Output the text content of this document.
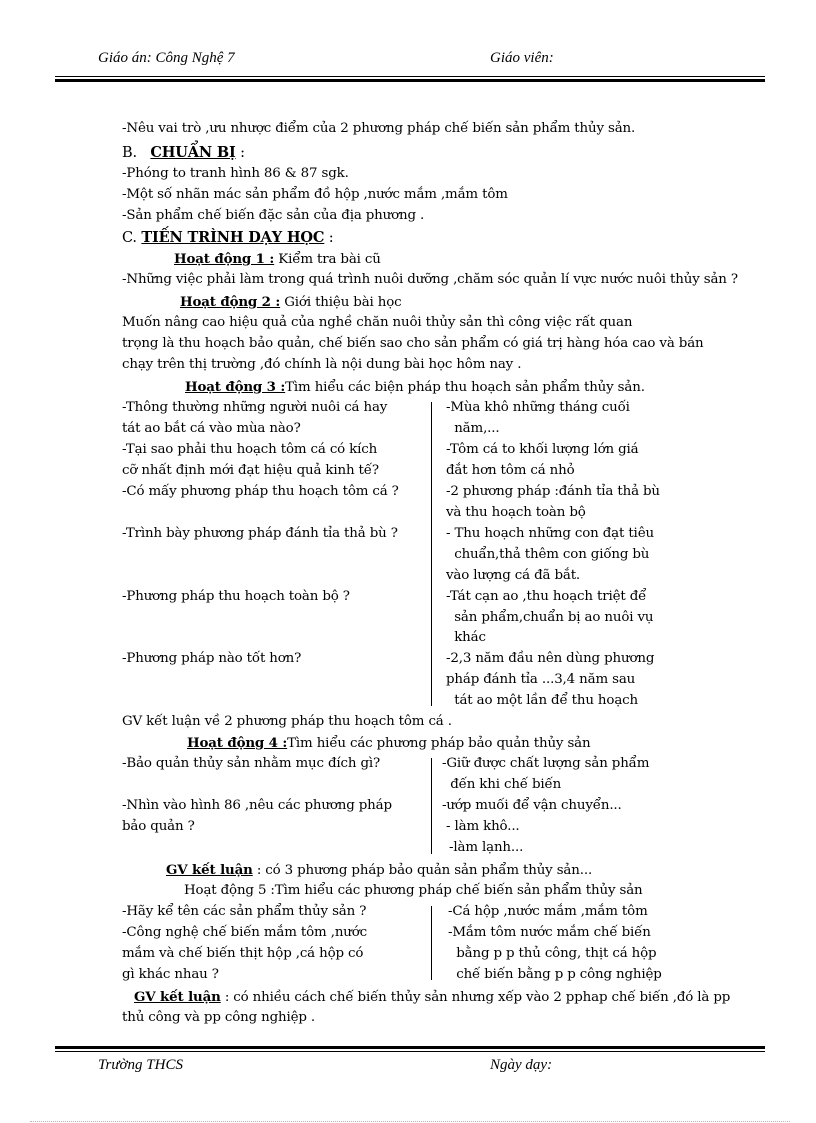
Giáo án: Công Nghệ 7	Giáo viên:
-Nêu vai trò ,ưu nhược điểm của 2 phương pháp chế biến sản phẩm thủy sản.
B. CHUẨN BỊ :
-Phóng to tranh hình 86 & 87 sgk.
-Một số nhãn mác sản phẩm đồ hộp ,nước mắm ,mắm tôm
-Sản phẩm chế biến đặc sản của địa phương .
C. TIẾN TRÌNH DẠY HỌC :
Hoạt động 1 : Kiểm tra bài cũ
-Những việc phải làm trong quá trình nuôi dưỡng ,chăm sóc quản lí vực nước nuôi thủy sản ?
Hoạt động 2 : Giới thiệu bài học
Muốn nâng cao hiệu quả của nghề chăn nuôi thủy sản thì công việc rất quan
trọng là thu hoạch bảo quản, chế biến sao cho sản phẩm có giá trị hàng hóa cao và bán
chạy trên thị trường ,đó chính là nội dung bài học hôm nay .
Hoạt động 3 :Tìm hiểu các biện pháp thu hoạch sản phẩm thủy sản.
-Thông thường những người nuôi cá hay
tát ao bắt cá vào mùa nào?
-Tại sao phải thu hoạch tôm cá có kích
cỡ nhất định mới đạt hiệu quả kinh tế?
-Có mấy phương pháp thu hoạch tôm cá ?
-Trình bày phương pháp đánh tỉa thả bù ?
-Phương pháp thu hoạch toàn bộ ?
-Phương pháp nào tốt hơn?
-Mùa khô những tháng cuối
năm,...
-Tôm cá to khối lượng lớn giá
đắt hơn tôm cá nhỏ
-2 phương pháp :đánh tỉa thả bù
và thu hoạch toàn bộ
- Thu hoạch những con đạt tiêu
chuẩn,thả thêm con giống bù
vào lượng cá đã bắt.
-Tát cạn ao ,thu hoạch triệt để
sản phẩm,chuẩn bị ao nuôi vụ
khác
-2,3 năm đầu nên dùng phương
pháp đánh tỉa ...3,4 năm sau
tát ao một lần để thu hoạch
GV kết luận về 2 phương pháp thu hoạch tôm cá .
Hoạt động 4 :Tìm hiểu các phương pháp bảo quản thủy sản
-Bảo quản thủy sản nhằm mục đích gì?
-Nhìn vào hình 86 ,nêu các phương pháp
bảo quản ?
-Giữ được chất lượng sản phẩm
đến khi chế biến
-ướp muối để vận chuyển...
- làm khô...
-làm lạnh...
GV kết luận : có 3 phương pháp bảo quản sản phẩm thủy sản...
Hoạt động 5 :Tìm hiểu các phương pháp chế biến sản phẩm thủy sản
-Hãy kể tên các sản phẩm thủy sản ?
-Công nghệ chế biến mắm tôm ,nước
mắm và chế biến thịt hộp ,cá hộp có
gì khác nhau ?
-Cá hộp ,nước mắm ,mắm tôm
-Mắm tôm nước mắm chế biến
bằng p p thủ công, thịt cá hộp
chế biến bằng p p công nghiệp
GV kết luận : có nhiều cách chế biến thủy sản nhưng xếp vào 2 pphap chế biến ,đó là pp
thủ công và pp công nghiệp .
Trường THCS	Ngày dạy:
